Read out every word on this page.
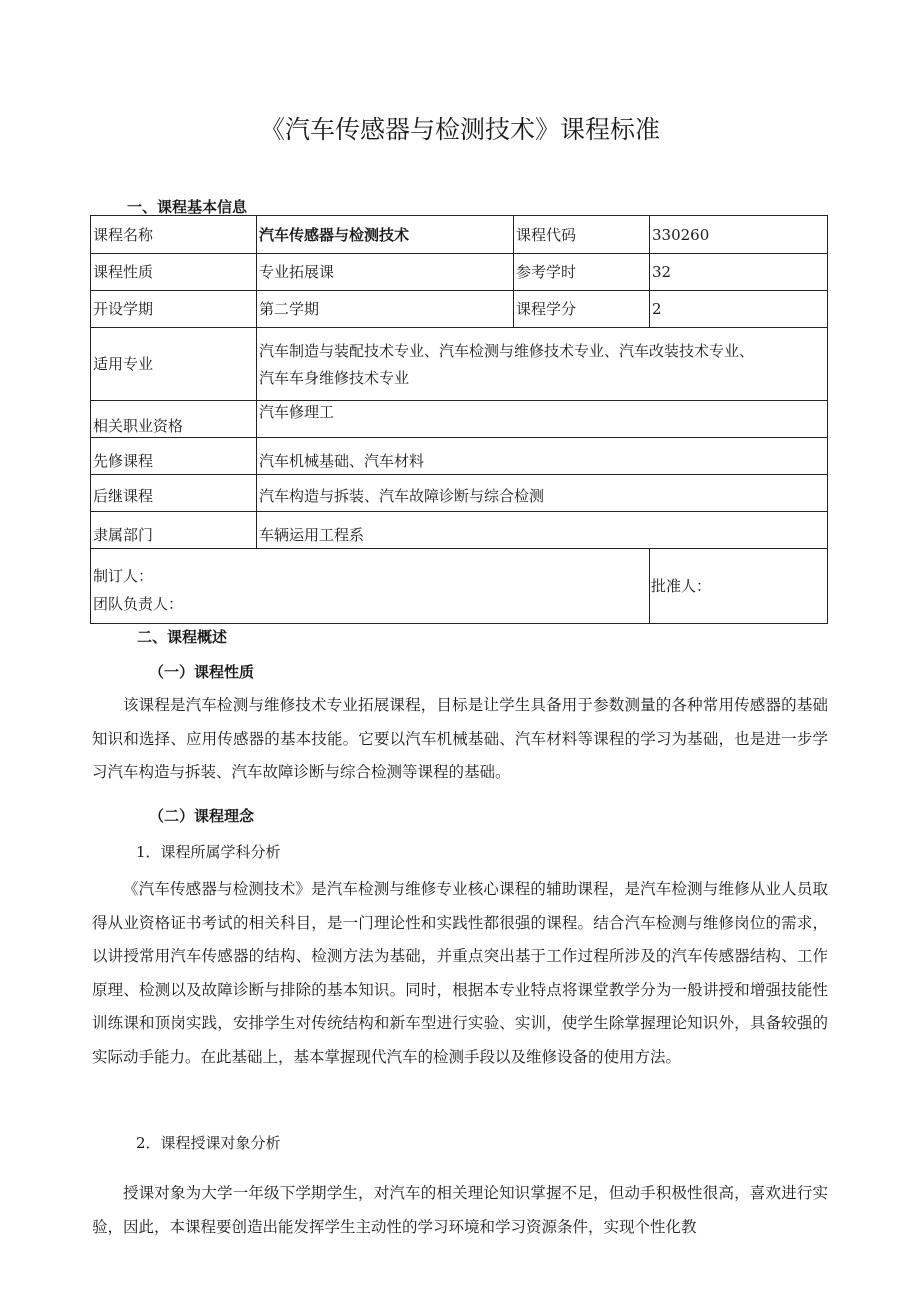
《汽车传感器与检测技术》课程标准
一、课程基本信息
课程名称	汽车传感器与检测技术	课程代码	330260
课程性质	专业拓展课	参考学时	32
开设学期	第二学期	课程学分	2
适用专业	汽车制造与装配技术专业、汽车检测与维修技术专业、汽车改装技术专业、
汽车车身维修技术专业		

相关职业资格	汽车修理工		
先修课程	汽车机械基础、汽车材料		
后继课程	汽车构造与拆装、汽车故障诊断与综合检测		
隶属部门	车辆运用工程系		

制订人：
团队负责人：			批准人：
二、课程概述
（一）课程性质
该课程是汽车检测与维修技术专业拓展课程，目标是让学生具备用于参数测量的各种常用传感器的基础知识和选择、应用传感器的基本技能。它要以汽车机械基础、汽车材料等课程的学习为基础，也是进一步学习汽车构造与拆装、汽车故障诊断与综合检测等课程的基础。
（二）课程理念
1．课程所属学科分析
《汽车传感器与检测技术》是汽车检测与维修专业核心课程的辅助课程，是汽车检测与维修从业人员取得从业资格证书考试的相关科目，是一门理论性和实践性都很强的课程。结合汽车检测与维修岗位的需求，以讲授常用汽车传感器的结构、检测方法为基础，并重点突出基于工作过程所涉及的汽车传感器结构、工作原理、检测以及故障诊断与排除的基本知识。同时，根据本专业特点将课堂教学分为一般讲授和增强技能性训练课和顶岗实践，安排学生对传统结构和新车型进行实验、实训，使学生除掌握理论知识外，具备较强的实际动手能力。在此基础上，基本掌握现代汽车的检测手段以及维修设备的使用方法。
2．课程授课对象分析
授课对象为大学一年级下学期学生，对汽车的相关理论知识掌握不足，但动手积极性很高，喜欢进行实验，因此，本课程要创造出能发挥学生主动性的学习环境和学习资源条件，实现个性化教
